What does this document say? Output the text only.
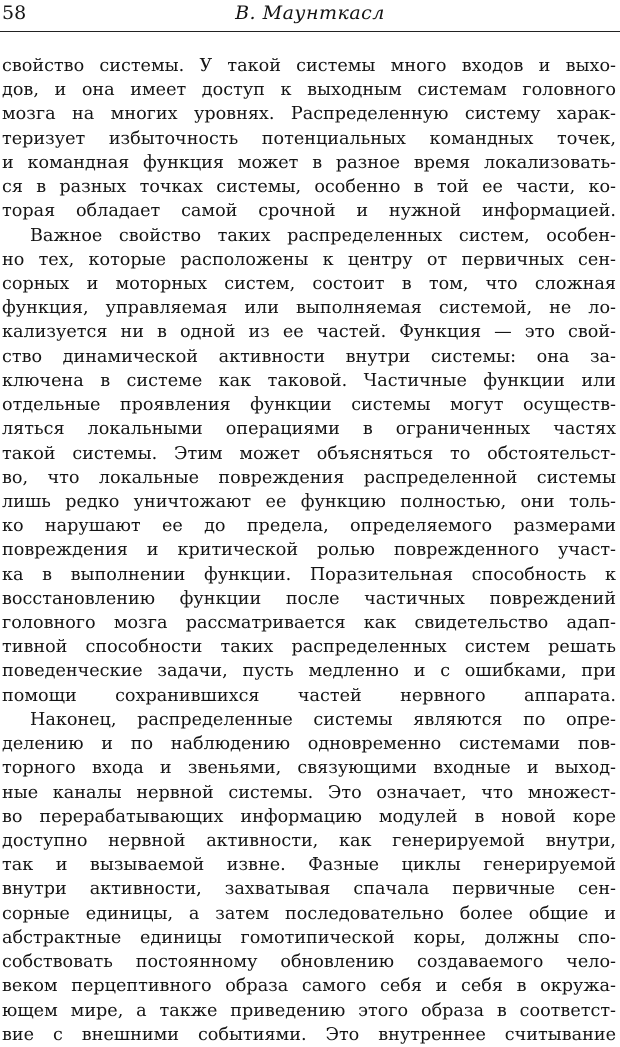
58	В. Маунткасл
свойство системы. У такой системы много входов и выхо-
дов, и она имеет доступ к выходным системам головного
мозга на многих уровнях. Распределенную систему харак-
теризует избыточность потенциальных командных точек,
и командная функция может в разное время локализовать-
ся в разных точках системы, особенно в той ее части, ко-
торая обладает самой срочной и нужной информацией.
Важное свойство таких распределенных систем, особен-
но тех, которые расположены к центру от первичных сен-
сорных и моторных систем, состоит в том, что сложная
функция, управляемая или выполняемая системой, не ло-
кализуется ни в одной из ее частей. Функция — это свой-
ство динамической активности внутри системы: она за-
ключена в системе как таковой. Частичные функции или
отдельные проявления функции системы могут осуществ-
ляться локальными операциями в ограниченных частях
такой системы. Этим может объясняться то обстоятельст-
во, что локальные повреждения распределенной системы
лишь редко уничтожают ее функцию полностью, они толь-
ко нарушают ее до предела, определяемого размерами
повреждения и критической ролью поврежденного участ-
ка в выполнении функции. Поразительная способность к
восстановлению функции после частичных повреждений
головного мозга рассматривается как свидетельство адап-
тивной способности таких распределенных систем решать
поведенческие задачи, пусть медленно и с ошибками, при
помощи сохранившихся частей нервного аппарата.
Наконец, распределенные системы являются по опре-
делению и по наблюдению одновременно системами пов-
торного входа и звеньями, связующими входные и выход-
ные каналы нервной системы. Это означает, что множест-
во перерабатывающих информацию модулей в новой коре
доступно нервной активности, как генерируемой внутри,
так и вызываемой извне. Фазные циклы генерируемой
внутри активности, захватывая спачала первичные сен-
сорные единицы, а затем последовательно более общие и
абстрактные единицы гомотипической коры, должны спо-
собствовать постоянному обновлению создаваемого чело-
веком перцептивного образа самого себя и себя в окружа-
ющем мире, а также приведению этого образа в соответст-
вие с внешними событиями. Это внутреннее считывание
